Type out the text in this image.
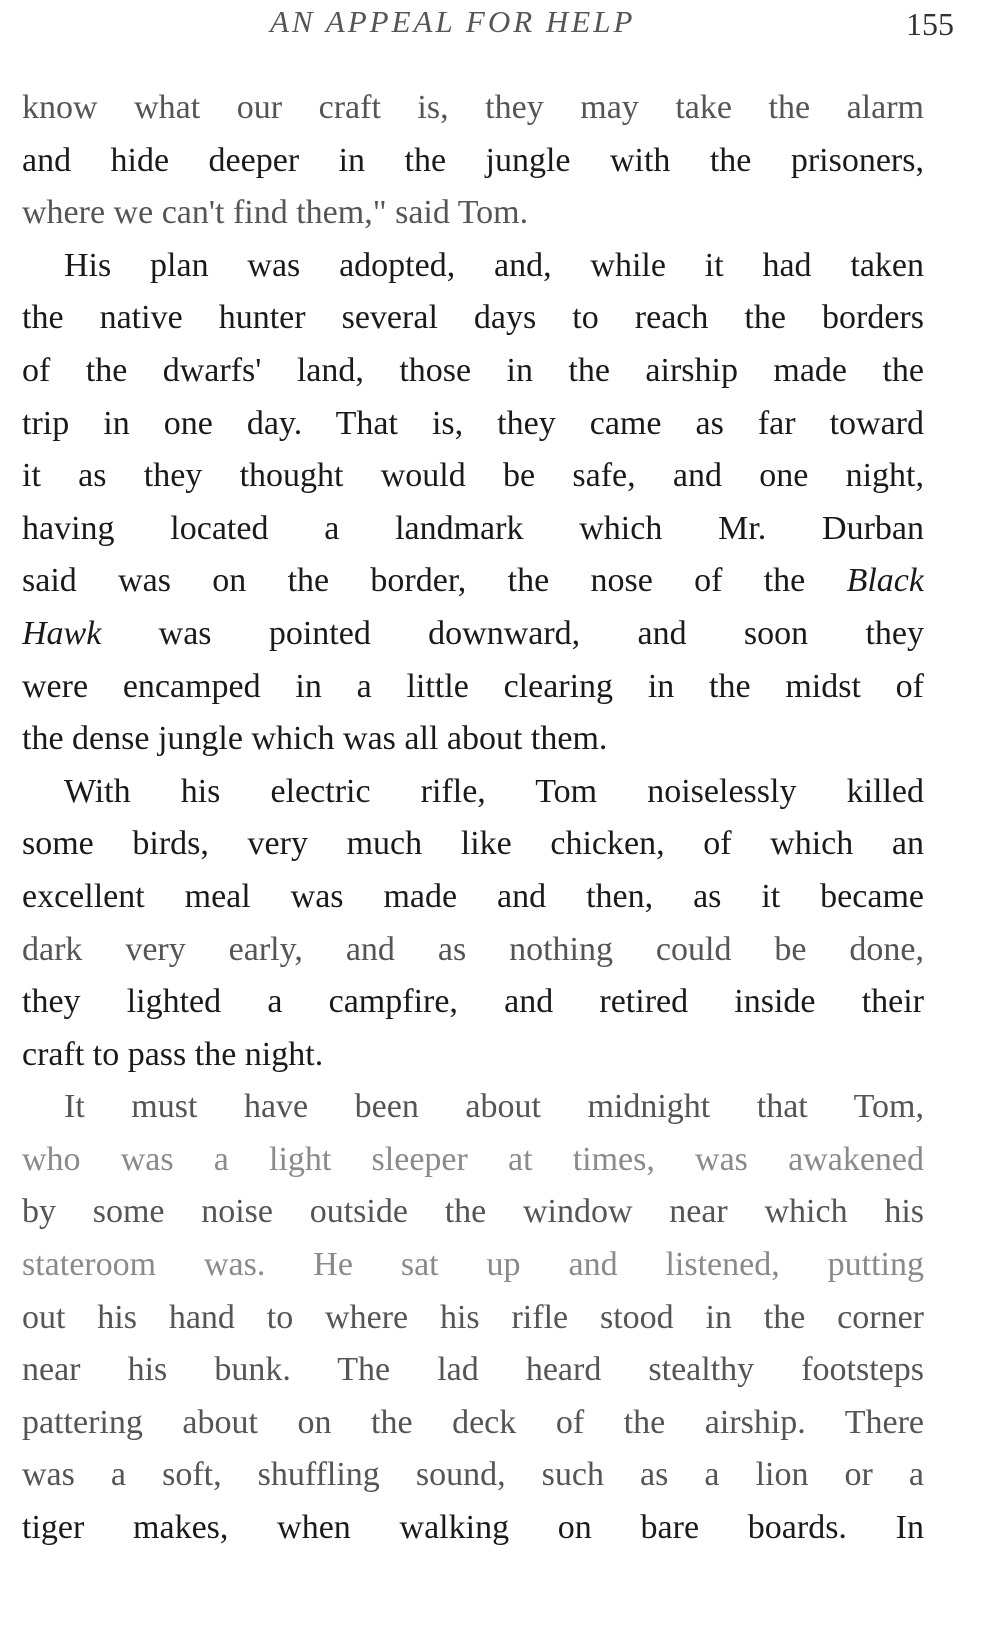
AN APPEAL FOR HELP	155
know what our craft is, they may take the alarm
and hide deeper in the jungle with the prisoners,
where we can't find them," said Tom.
His plan was adopted, and, while it had taken
the native hunter several days to reach the borders
of the dwarfs' land, those in the airship made the
trip in one day. That is, they came as far toward
it as they thought would be safe, and one night,
having located a landmark which Mr. Durban
said was on the border, the nose of the Black
Hawk was pointed downward, and soon they
were encamped in a little clearing in the midst of
the dense jungle which was all about them.
With his electric rifle, Tom noiselessly killed
some birds, very much like chicken, of which an
excellent meal was made and then, as it became
dark very early, and as nothing could be done,
they lighted a campfire, and retired inside their
craft to pass the night.
It must have been about midnight that Tom,
who was a light sleeper at times, was awakened
by some noise outside the window near which his
stateroom was. He sat up and listened, putting
out his hand to where his rifle stood in the corner
near his bunk. The lad heard stealthy footsteps
pattering about on the deck of the airship. There
was a soft, shuffling sound, such as a lion or a
tiger makes, when walking on bare boards. In
